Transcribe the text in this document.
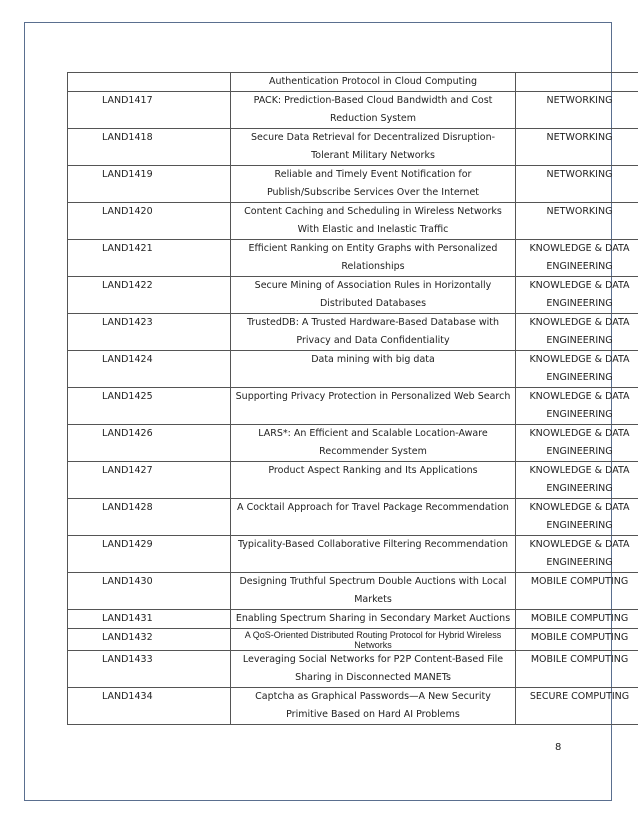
	Authentication Protocol in Cloud Computing	
LAND1417	PACK: Prediction-Based Cloud Bandwidth and Cost Reduction System	NETWORKING
LAND1418	Secure Data Retrieval for Decentralized Disruption-Tolerant Military Networks	NETWORKING
LAND1419	Reliable and Timely Event Notification for Publish/Subscribe Services Over the Internet	NETWORKING
LAND1420	Content Caching and Scheduling in Wireless Networks With Elastic and Inelastic Traffic	NETWORKING
LAND1421	Efficient Ranking on Entity Graphs with Personalized Relationships	KNOWLEDGE & DATA ENGINEERING
LAND1422	Secure Mining of Association Rules in Horizontally Distributed Databases	KNOWLEDGE & DATA ENGINEERING
LAND1423	TrustedDB: A Trusted Hardware-Based Database with Privacy and Data Confidentiality	KNOWLEDGE & DATA ENGINEERING
LAND1424	Data mining with big data	KNOWLEDGE & DATA ENGINEERING
LAND1425	Supporting Privacy Protection in Personalized Web Search	KNOWLEDGE & DATA ENGINEERING
LAND1426	LARS*: An Efficient and Scalable Location-Aware Recommender System	KNOWLEDGE & DATA ENGINEERING
LAND1427	Product Aspect Ranking and Its Applications	KNOWLEDGE & DATA ENGINEERING
LAND1428	A Cocktail Approach for Travel Package Recommendation	KNOWLEDGE & DATA ENGINEERING
LAND1429	Typicality-Based Collaborative Filtering Recommendation	KNOWLEDGE & DATA ENGINEERING
LAND1430	Designing Truthful Spectrum Double Auctions with Local Markets	MOBILE COMPUTING
LAND1431	Enabling Spectrum Sharing in Secondary Market Auctions	MOBILE COMPUTING
LAND1432	A QoS-Oriented Distributed Routing Protocol for Hybrid Wireless Networks	MOBILE COMPUTING
LAND1433	Leveraging Social Networks for P2P Content-Based File Sharing in Disconnected MANETs	MOBILE COMPUTING
LAND1434	Captcha as Graphical Passwords—A New Security Primitive Based on Hard AI Problems	SECURE COMPUTING
8
